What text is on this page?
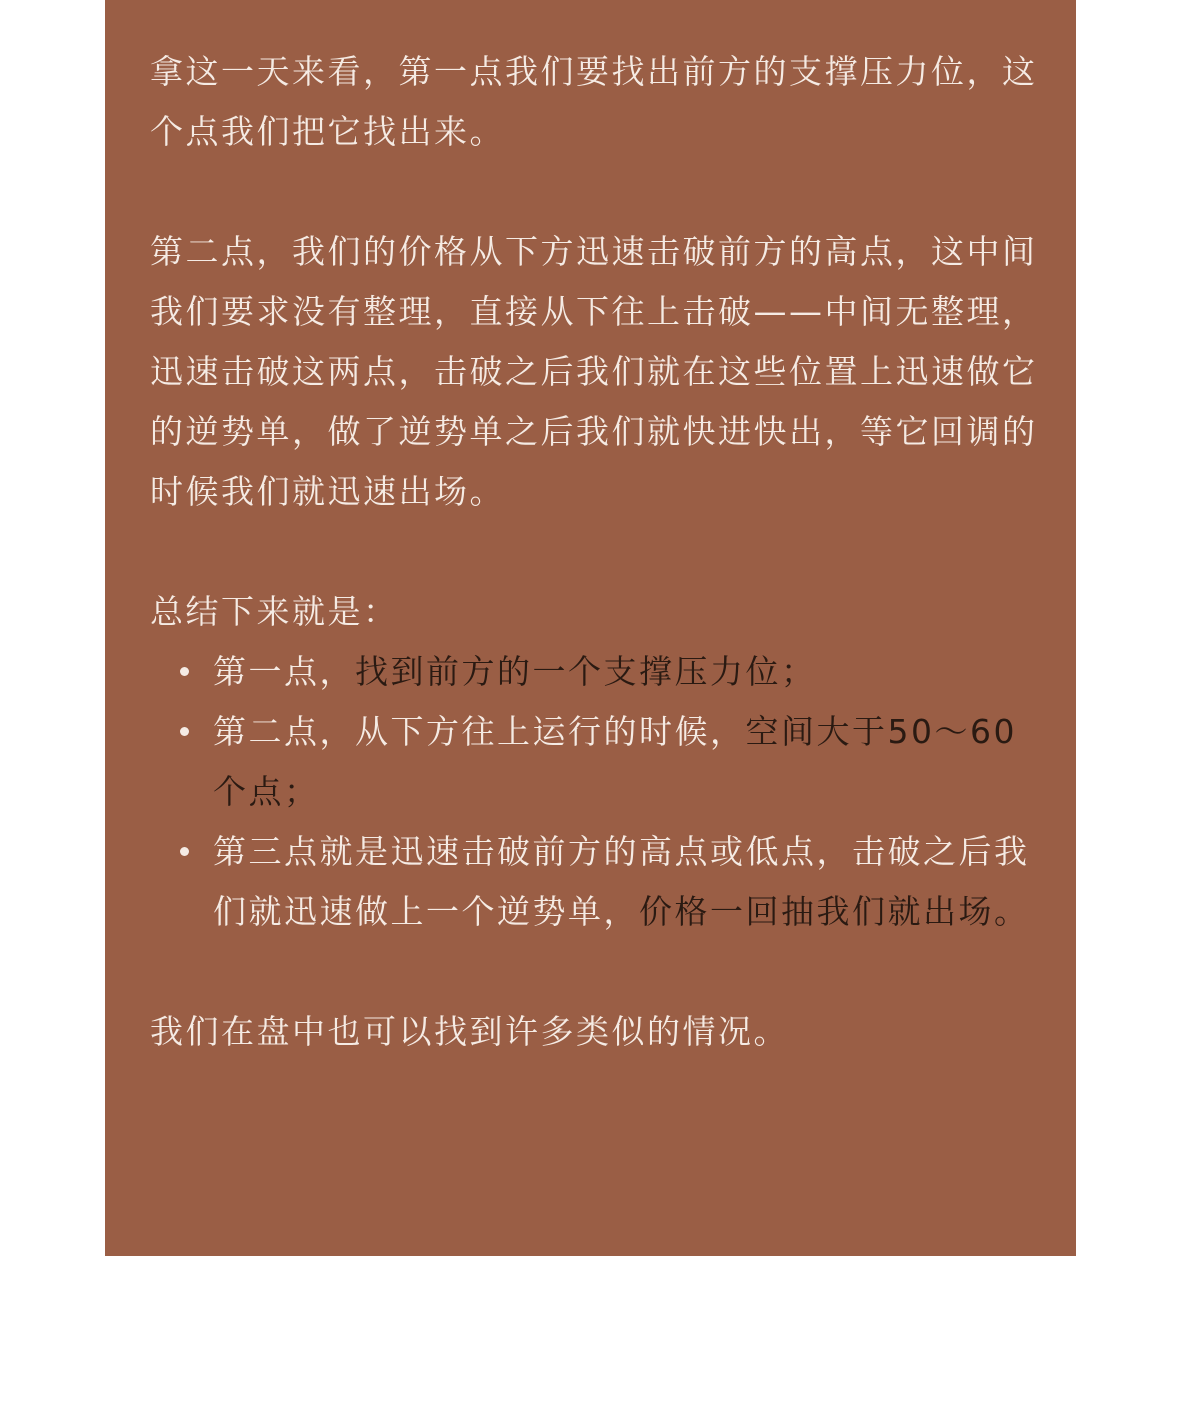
拿这一天来看，第一点我们要找出前方的支撑压力位，这个点我们把它找出来。

第二点，我们的价格从下方迅速击破前方的高点，这中间我们要求没有整理，直接从下往上击破——中间无整理，迅速击破这两点，击破之后我们就在这些位置上迅速做它的逆势单，做了逆势单之后我们就快进快出，等它回调的时候我们就迅速出场。

总结下来就是：

第一点，找到前方的一个支撑压力位；
第二点，从下方往上运行的时候，空间大于50～60个点；
第三点就是迅速击破前方的高点或低点，击破之后我们就迅速做上一个逆势单，价格一回抽我们就出场。

我们在盘中也可以找到许多类似的情况。
